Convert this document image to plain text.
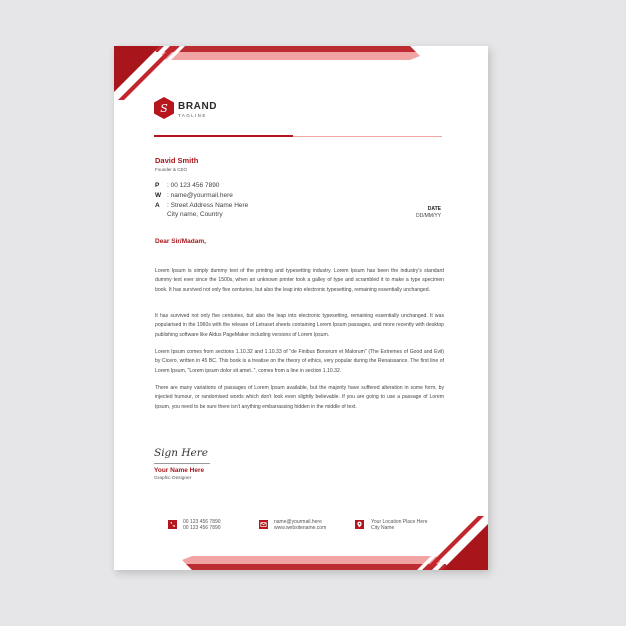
S BRAND
TAGLINE
David Smith
Founder & CEO
P : 00 123 456 7890
W : name@yourmail.here
A : Street Address Name Here
City name, Country
DATE
DD/MM/YY
Dear Sir/Madam,

Lorem Ipsum is simply dummy text of the printing and typesetting industry. Lorem Ipsum has been the industry's standard dummy text ever since the 1500s, when an unknown printer took a galley of type and scrambled it to make a type specimen book. It has survived not only five centuries, but also the leap into electronic typesetting, remaining essentially unchanged.

It has survived not only five centuries, but also the leap into electronic typesetting, remaining essentially unchanged. It was popularised in the 1960s with the release of Letraset sheets containing Lorem Ipsum passages, and more recently with desktop publishing software like Aldus PageMaker including versions of Lorem Ipsum.

Lorem Ipsum comes from sections 1.10.32 and 1.10.33 of "de Finibus Bonorum et Malorum" (The Extremes of Good and Evil) by Cicero, written in 45 BC. This book is a treatise on the theory of ethics, very popular during the Renaissance. The first line of Lorem Ipsum, "Lorem ipsum dolor sit amet..", comes from a line in section 1.10.32.

There are many variations of passages of Lorem Ipsum available, but the majority have suffered alteration in some form, by injected humour, or randomised words which don't look even slightly believable. If you are going to use a passage of Lorem Ipsum, you need to be sure there isn't anything embarrassing hidden in the middle of text.

Sign Here
Your Name Here
Graphic Designer
00 123 456 7890
00 123 456 7890
name@yourmail.here
www.websitename.com
Your Location Place Here
City Name
